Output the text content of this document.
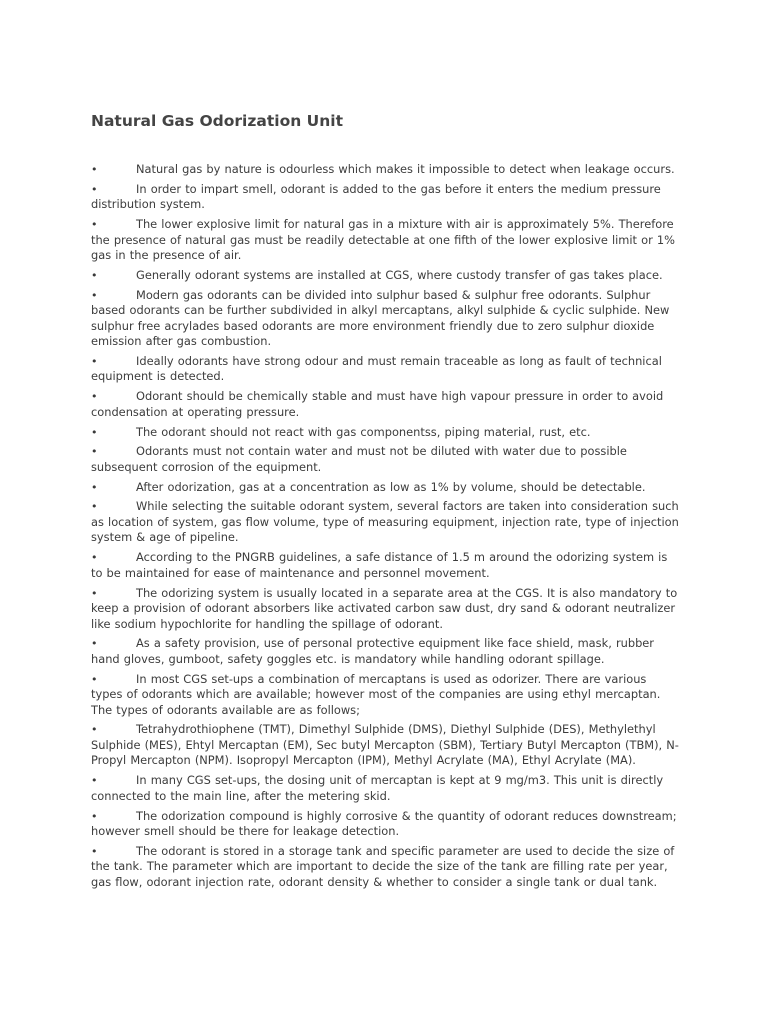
Natural Gas Odorization Unit
•	Natural gas by nature is odourless which makes it impossible to detect when leakage occurs.
•	In order to impart smell, odorant is added to the gas before it enters the medium pressure distribution system.
•	The lower explosive limit for natural gas in a mixture with air is approximately 5%. Therefore the presence of natural gas must be readily detectable at one fifth of the lower explosive limit or 1% gas in the presence of air.
•	Generally odorant systems are installed at CGS, where custody transfer of gas takes place.
•	Modern gas odorants can be divided into sulphur based & sulphur free odorants. Sulphur based odorants can be further subdivided in alkyl mercaptans, alkyl sulphide & cyclic sulphide. New sulphur free acrylades based odorants are more environment friendly due to zero sulphur dioxide emission after gas combustion.
•	Ideally odorants have strong odour and must remain traceable as long as fault of technical equipment is detected.
•	Odorant should be chemically stable and must have high vapour pressure in order to avoid condensation at operating pressure.
•	The odorant should not react with gas componentss, piping material, rust, etc.
•	Odorants must not contain water and must not be diluted with water due to possible subsequent corrosion of the equipment.
•	After odorization, gas at a concentration as low as 1% by volume, should be detectable.
•	While selecting the suitable odorant system, several factors are taken into consideration such as location of system, gas flow volume, type of measuring equipment, injection rate, type of injection system & age of pipeline.
•	According to the PNGRB guidelines, a safe distance of 1.5 m around the odorizing system is to be maintained for ease of maintenance and personnel movement.
•	The odorizing system is usually located in a separate area at the CGS. It is also mandatory to keep a provision of odorant absorbers like activated carbon saw dust, dry sand & odorant neutralizer like sodium hypochlorite for handling the spillage of odorant.
•	As a safety provision, use of personal protective equipment like face shield, mask, rubber hand gloves, gumboot, safety goggles etc. is mandatory while handling odorant spillage.
•	In most CGS set-ups a combination of mercaptans is used as odorizer. There are various types of odorants which are available; however most of the companies are using ethyl mercaptan. The types of odorants available are as follows;
•	Tetrahydrothiophene (TMT), Dimethyl Sulphide (DMS), Diethyl Sulphide (DES), Methylethyl Sulphide (MES), Ehtyl Mercaptan (EM), Sec butyl Mercapton (SBM), Tertiary Butyl Mercapton (TBM), N-Propyl Mercapton (NPM). Isopropyl Mercapton (IPM), Methyl Acrylate (MA), Ethyl Acrylate (MA).
•	In many CGS set-ups, the dosing unit of mercaptan is kept at 9 mg/m3. This unit is directly connected to the main line, after the metering skid.
•	The odorization compound is highly corrosive & the quantity of odorant reduces downstream; however smell should be there for leakage detection.
•	The odorant is stored in a storage tank and specific parameter are used to decide the size of the tank. The parameter which are important to decide the size of the tank are filling rate per year, gas flow, odorant injection rate, odorant density & whether to consider a single tank or dual tank.
